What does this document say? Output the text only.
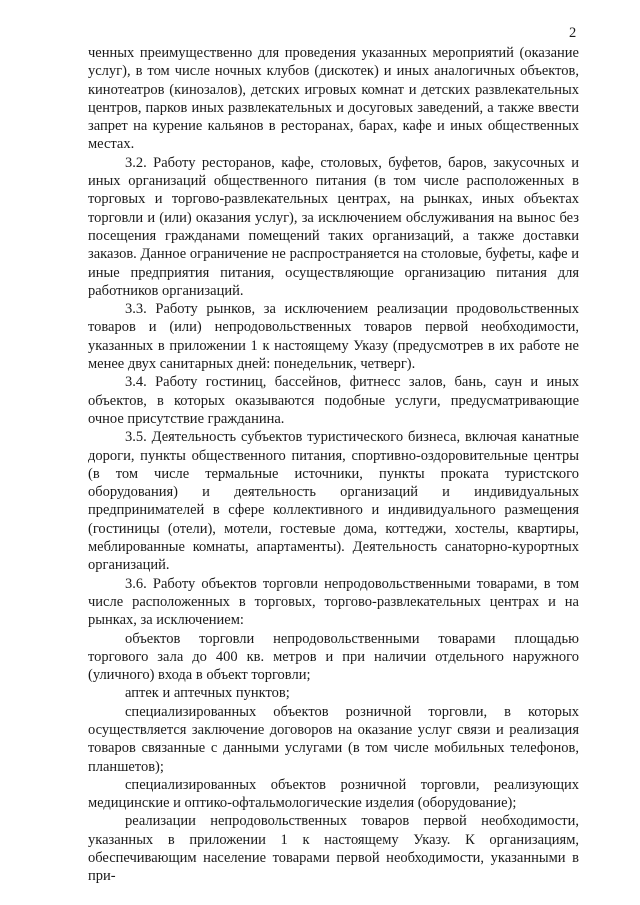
2

ченных преимущественно для проведения указанных мероприятий (оказание услуг), в том числе ночных клубов (дискотек) и иных аналогичных объектов, кинотеатров (кинозалов), детских игровых комнат и детских развлекательных центров, парков иных развлекательных и досуговых заведений, а также ввести запрет на курение кальянов в ресторанах, барах, кафе и иных общественных местах.

3.2. Работу ресторанов, кафе, столовых, буфетов, баров, закусочных и иных организаций общественного питания (в том числе расположенных в торговых и торгово-развлекательных центрах, на рынках, иных объектах торговли и (или) оказания услуг), за исключением обслуживания на вынос без посещения гражданами помещений таких организаций, а также доставки заказов. Данное ограничение не распространяется на столовые, буфеты, кафе и иные предприятия питания, осуществляющие организацию питания для работников организаций.

3.3. Работу рынков, за исключением реализации продовольственных товаров и (или) непродовольственных товаров первой необходимости, указанных в приложении 1 к настоящему Указу (предусмотрев в их работе не менее двух санитарных дней: понедельник, четверг).

3.4. Работу гостиниц, бассейнов, фитнесс залов, бань, саун и иных объектов, в которых оказываются подобные услуги, предусматривающие очное присутствие гражданина.

3.5. Деятельность субъектов туристического бизнеса, включая канатные дороги, пункты общественного питания, спортивно-оздоровительные центры (в том числе термальные источники, пункты проката туристского оборудования) и деятельность организаций и индивидуальных предпринимателей в сфере коллективного и индивидуального размещения (гостиницы (отели), мотели, гостевые дома, коттеджи, хостелы, квартиры, меблированные комнаты, апартаменты). Деятельность санаторно-курортных организаций.

3.6. Работу объектов торговли непродовольственными товарами, в том числе расположенных в торговых, торгово-развлекательных центрах и на рынках, за исключением:

объектов торговли непродовольственными товарами площадью торгового зала до 400 кв. метров и при наличии отдельного наружного (уличного) входа в объект торговли;

аптек и аптечных пунктов;

специализированных объектов розничной торговли, в которых осуществляется заключение договоров на оказание услуг связи и реализация товаров связанные с данными услугами (в том числе мобильных телефонов, планшетов);

специализированных объектов розничной торговли, реализующих медицинские и оптико-офтальмологические изделия (оборудование);

реализации непродовольственных товаров первой необходимости, указанных в приложении 1 к настоящему Указу. К организациям, обеспечивающим население товарами первой необходимости, указанными в при-
